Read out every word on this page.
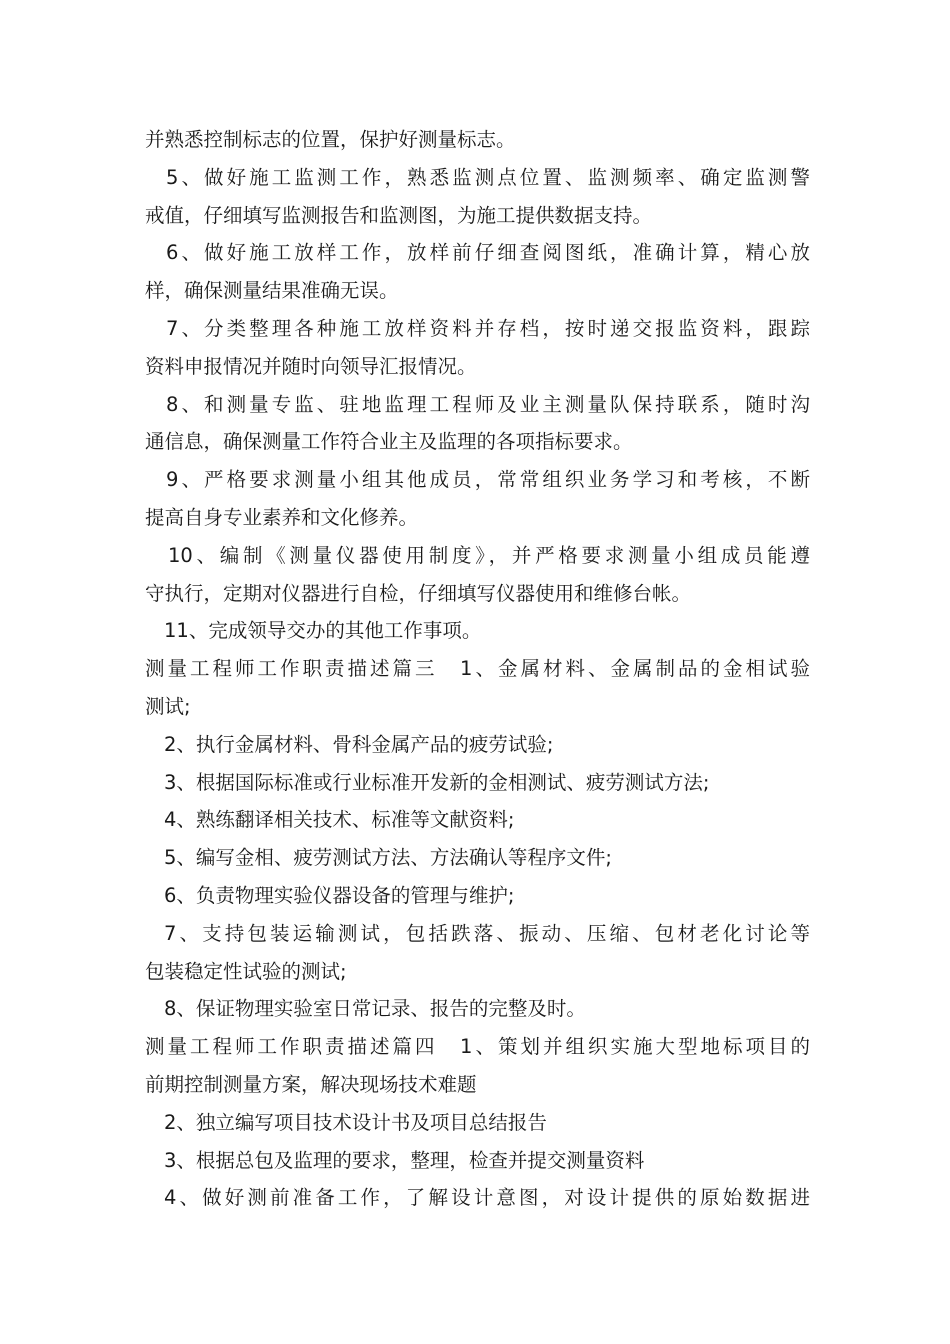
并熟悉控制标志的位置，保护好测量标志。
5、做好施工监测工作，熟悉监测点位置、监测频率、确定监测警
戒值，仔细填写监测报告和监测图，为施工提供数据支持。
6、做好施工放样工作，放样前仔细查阅图纸，准确计算，精心放
样，确保测量结果准确无误。
7、分类整理各种施工放样资料并存档，按时递交报监资料，跟踪
资料申报情况并随时向领导汇报情况。
8、和测量专监、驻地监理工程师及业主测量队保持联系，随时沟
通信息，确保测量工作符合业主及监理的各项指标要求。
9、严格要求测量小组其他成员，常常组织业务学习和考核，不断
提高自身专业素养和文化修养。
10、编制《测量仪器使用制度》，并严格要求测量小组成员能遵
守执行，定期对仪器进行自检，仔细填写仪器使用和维修台帐。
11、完成领导交办的其他工作事项。
测量工程师工作职责描述篇三　1、金属材料、金属制品的金相试验
测试;
2、执行金属材料、骨科金属产品的疲劳试验;
3、根据国际标准或行业标准开发新的金相测试、疲劳测试方法;
4、熟练翻译相关技术、标准等文献资料;
5、编写金相、疲劳测试方法、方法确认等程序文件;
6、负责物理实验仪器设备的管理与维护;
7、支持包装运输测试，包括跌落、振动、压缩、包材老化讨论等
包装稳定性试验的测试;
8、保证物理实验室日常记录、报告的完整及时。
测量工程师工作职责描述篇四　1、策划并组织实施大型地标项目的
前期控制测量方案，解决现场技术难题
2、独立编写项目技术设计书及项目总结报告
3、根据总包及监理的要求，整理，检查并提交测量资料
4、做好测前准备工作，了解设计意图，对设计提供的原始数据进
